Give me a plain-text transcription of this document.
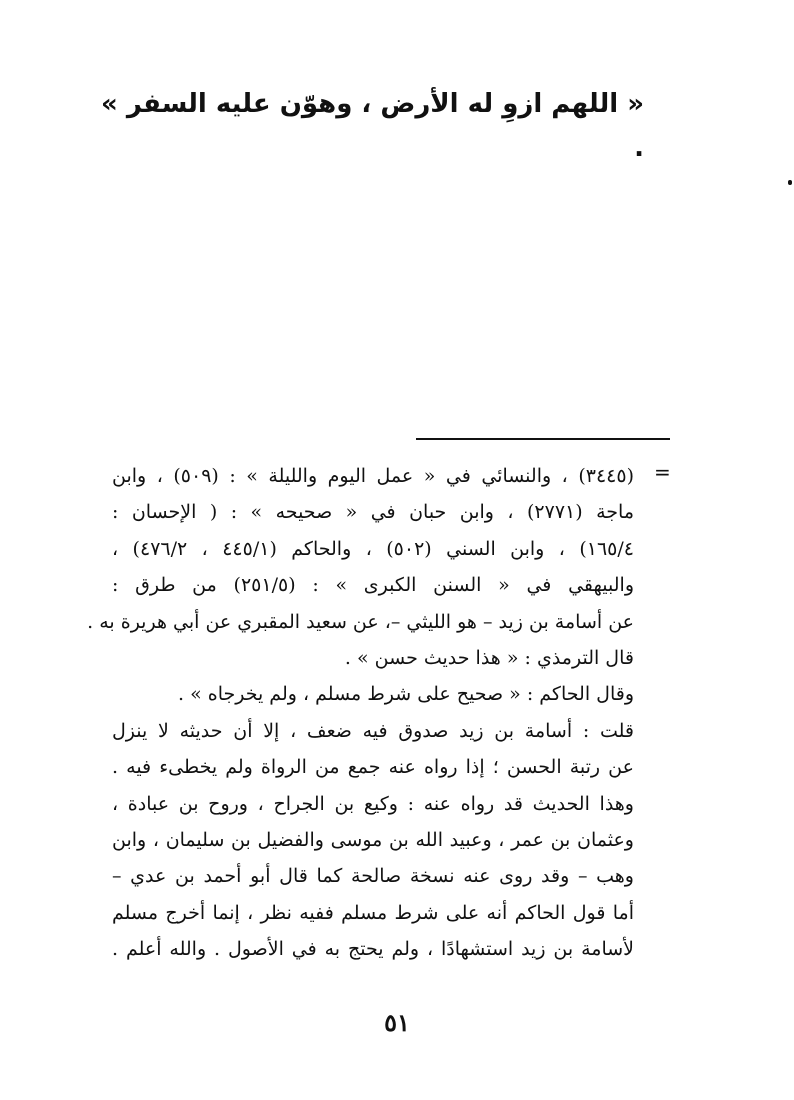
« اللهم ازوِ له الأرض ، وهوّن عليه السفر » .
=
(٣٤٤٥) ، والنسائي في « عمل اليوم والليلة » : (٥٠٩) ، وابن
ماجة (٢٧٧١) ، وابن حبان في « صحيحه » : ( الإحسان :
١٦٥/٤) ، وابن السني (٥٠٢) ، والحاكم (٤٤٥/١ ، ٤٧٦/٢) ،
والبيهقي في « السنن الكبرى » : (٢٥١/٥) من طرق :
عن أسامة بن زيد – هو الليثي –، عن سعيد المقبري عن أبي هريرة به .
قال الترمذي : « هذا حديث حسن » .
وقال الحاكم : « صحيح على شرط مسلم ، ولم يخرجاه » .
قلت : أسامة بن زيد صدوق فيه ضعف ، إلا أن حديثه لا ينزل
عن رتبة الحسن ؛ إذا رواه عنه جمع من الرواة ولم يخطىء فيه .
وهذا الحديث قد رواه عنه : وكيع بن الجراح ، وروح بن عبادة ،
وعثمان بن عمر ، وعبيد الله بن موسى والفضيل بن سليمان ، وابن
وهب – وقد روى عنه نسخة صالحة كما قال أبو أحمد بن عدي –
أما قول الحاكم أنه على شرط مسلم ففيه نظر ، إنما أخرج مسلم
لأسامة بن زيد استشهادًا ، ولم يحتج به في الأصول . والله أعلم .
٥١
